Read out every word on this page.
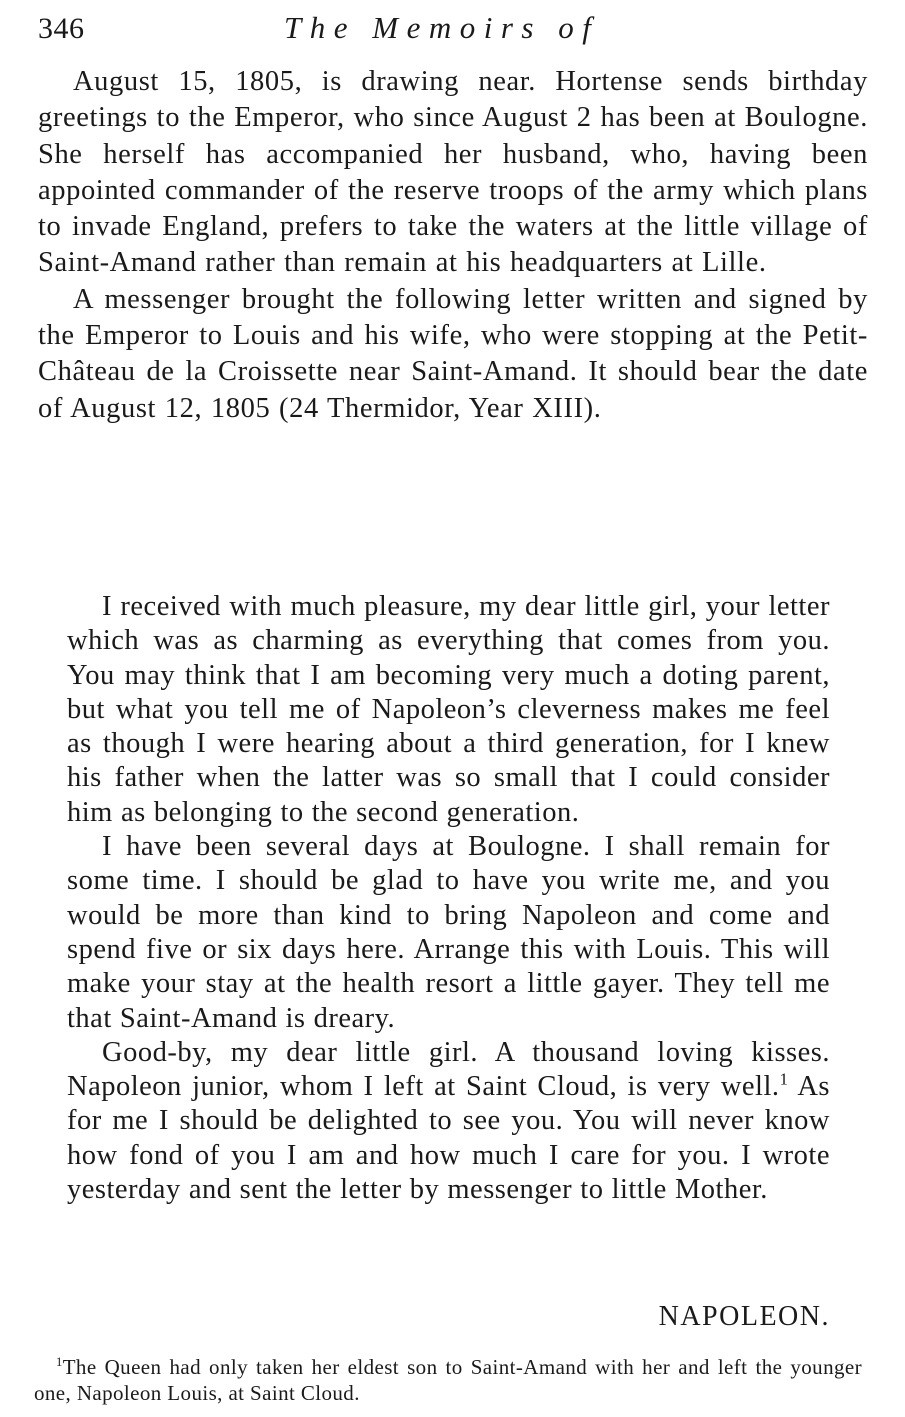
346	The Memoirs of

August 15, 1805, is drawing near. Hortense sends birthday greetings to the Emperor, who since August 2 has been at Boulogne. She herself has accompanied her husband, who, having been appointed commander of the reserve troops of the army which plans to invade England, prefers to take the waters at the little village of Saint-Amand rather than remain at his headquarters at Lille.

A messenger brought the following letter written and signed by the Emperor to Louis and his wife, who were stopping at the Petit-Château de la Croissette near Saint-Amand. It should bear the date of August 12, 1805 (24 Thermidor, Year XIII).

I received with much pleasure, my dear little girl, your letter which was as charming as everything that comes from you. You may think that I am becoming very much a doting parent, but what you tell me of Napoleon’s cleverness makes me feel as though I were hearing about a third generation, for I knew his father when the latter was so small that I could consider him as belonging to the second generation.

I have been several days at Boulogne. I shall remain for some time. I should be glad to have you write me, and you would be more than kind to bring Napoleon and come and spend five or six days here. Arrange this with Louis. This will make your stay at the health resort a little gayer. They tell me that Saint-Amand is dreary.

Good-by, my dear little girl. A thousand loving kisses. Napoleon junior, whom I left at Saint Cloud, is very well.$^1$ As for me I should be delighted to see you. You will never know how fond of you I am and how much I care for you. I wrote yesterday and sent the letter by messenger to little Mother.

NAPOLEON.

$^1$The Queen had only taken her eldest son to Saint-Amand with her and left the younger one, Napoleon Louis, at Saint Cloud.
